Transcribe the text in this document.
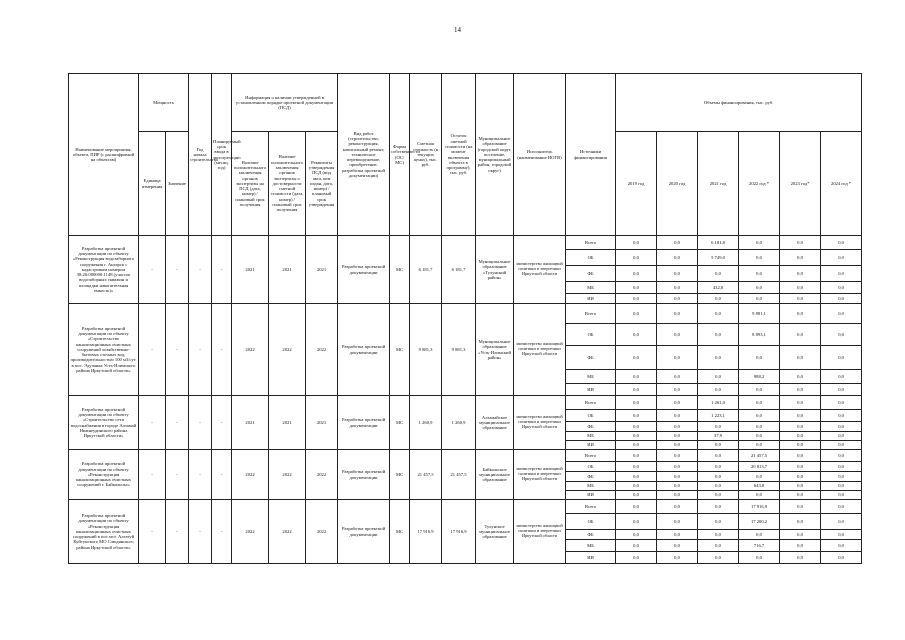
14
Наименование мероприятия, объекта, ПИР (с расшифровкой на объектам)	Мощность		Год начала строительства	Планируемый срок ввода в эксплуатацию (месяц, год)	Информация о наличии утвержденной в установленном порядке проектной документации (ПСД)			Вид работ (строительство, реконструкция, капитальный ремонт, техническое перевооружение, приобретение, разработка проектной документации)	Форма собственности (ОС/МС)	Сметная стоимость (в текущих ценах), тыс. руб.	Остаток сметной стоимости (на момент включения объекта в программу), тыс. руб.	Муниципальное образование (городской округ, поселение, муниципальный район, городской округ)	Исполнитель (наименование ИОГВ)	Источники финансирования	Объемы финансирования, тыс. руб.					
	Единица измерения	Значение			Наличие положительного заключения органов экспертизы на ПСД (дата, номер) / плановый срок получения	Наличие положительного заключения органов экспертизы о достоверности сметной стоимости (дата, номер) / плановый срок получения	Реквизиты утверждения ПСД (вид акта, кем издан, дата, номер) / плановый срок утверждения								2019 год	2020 год	2021 год	2022 год *	2023 год*	2024 год *
Разработка проектной документации по объекту «Реконструкция водозаборного сооружения г. Ангарск с кадастровым номером 38:26:000000:1148 (участок водозаборных скважин и площадки накопительная емкость)»	-	-	-	-	2021	2021	2021	Разработка проектной документации	МС	6 181,7	6 181,7	Муниципальное образование «Тулунский район»	министерство жилищной политики и энергетики Иркутской области	Всего	0,0	0,0	6 181,8	0,0	0,0	0,0
														ОБ	0,0	0,0	5 749,0	0,0	0,0	0,0
														ФБ	0,0	0,0	0,0	0,0	0,0	0,0
														МБ	0,0	0,0	432,8	0,0	0,0	0,0
														ИИ	0,0	0,0	0,0	0,0	0,0	0,0
Разработка проектной документации по объекту «Строительство канализационных очистных сооружений хозяйственно-бытовых сточных вод, производительностью 100 м3/сут. в пос. Эдучанка Усть-Илимского района Иркутской области»	-	-	-	-	2022	2022	2022	Разработка проектной документации	МС	9 881,3	9 881,3	Муниципальное образование «Усть-Илимский район»	министерство жилищной политики и энергетики Иркутской области	Всего	0,0	0,0	0,0	9 881,1	0,0	0,0
														ОБ	0,0	0,0	0,0	8 893,1	0,0	0,0
														ФБ	0,0	0,0	0,0	0,0	0,0	0,0
														МБ	0,0	0,0	0,0	988,2	0,0	0,0
														ИИ	0,0	0,0	0,0	0,0	0,0	0,0
Разработка проектной документации по объекту «Строительство сети водоснабжения в городе Алзамай Нижнеудинского района Иркутской области»	-	-	-	-	2021	2021	2021	Разработка проектной документации	МС	1 260,9	1 260,9	Алзамайское муниципальное образование	министерство жилищной политики и энергетики Иркутской области	Всего	0,0	0,0	1 261,0	0,0	0,0	0,0
														ОБ	0,0	0,0	1 223,1	0,0	0,0	0,0
														ФБ	0,0	0,0	0,0	0,0	0,0	0,0
														МБ	0,0	0,0	37,9	0,0	0,0	0,0
														ИИ	0,0	0,0	0,0	0,0	0,0	0,0
Разработка проектной документации по объекту «Реконструкция канализационных очистных сооружений г. Байкальска»	-	-	-	-	2022	2022	2022	Разработка проектной документации	МС	21 457,5	21 457,5	Байкальское муниципальное образование	министерство жилищной политики и энергетики Иркутской области	Всего	0,0	0,0	0,0	21 457,5	0,0	0,0
														ОБ	0,0	0,0	0,0	20 813,7	0,0	0,0
														ФБ	0,0	0,0	0,0	0,0	0,0	0,0
														МБ	0,0	0,0	0,0	643,8	0,0	0,0
														ИИ	0,0	0,0	0,0	0,0	0,0	0,0
Разработка проектной документации по объекту «Реконструкция канализационных очистных сооружений в пос.мст. Алгатуй Куйтунского МО Слюдянского района Иркутской области»	-	-	-	-	2022	2022	2022	Разработка проектной документации	МС	17 916,9	17 916,9	Тулунское муниципальное образование	министерство жилищной политики и энергетики Иркутской области	Всего	0,0	0,0	0,0	17 916,9	0,0	0,0
														ОБ	0,0	0,0	0,0	17 200,2	0,0	0,0
														ФБ	0,0	0,0	0,0	0,0	0,0	0,0
														МБ	0,0	0,0	0,0	716,7	0,0	0,0
														ИИ	0,0	0,0	0,0	0,0	0,0	0,0
